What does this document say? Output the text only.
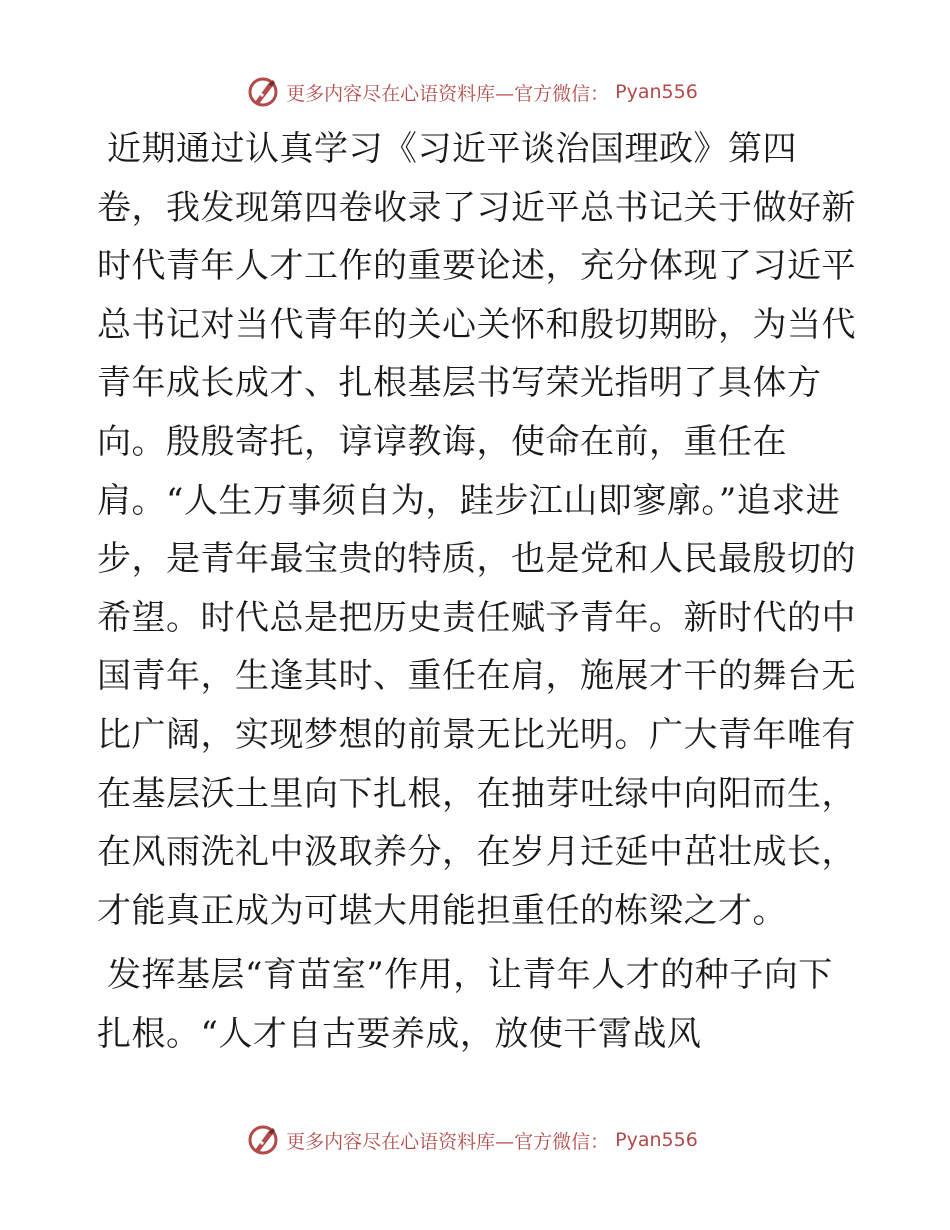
更多内容尽在心语资料库—官方微信： Pyan556

近期通过认真学习《习近平谈治国理政》第四卷，我发现第四卷收录了习近平总书记关于做好新时代青年人才工作的重要论述，充分体现了习近平总书记对当代青年的关心关怀和殷切期盼，为当代青年成长成才、扎根基层书写荣光指明了具体方向。殷殷寄托，谆谆教诲，使命在前，重任在肩。“人生万事须自为，跬步江山即寥廓。”追求进步，是青年最宝贵的特质，也是党和人民最殷切的希望。时代总是把历史责任赋予青年。新时代的中国青年，生逢其时、重任在肩，施展才干的舞台无比广阔，实现梦想的前景无比光明。广大青年唯有在基层沃土里向下扎根，在抽芽吐绿中向阳而生，在风雨洗礼中汲取养分，在岁月迁延中茁壮成长，才能真正成为可堪大用能担重任的栋梁之才。

发挥基层“育苗室”作用，让青年人才的种子向下扎根。“人才自古要养成，放使干霄战风

更多内容尽在心语资料库—官方微信： Pyan556
